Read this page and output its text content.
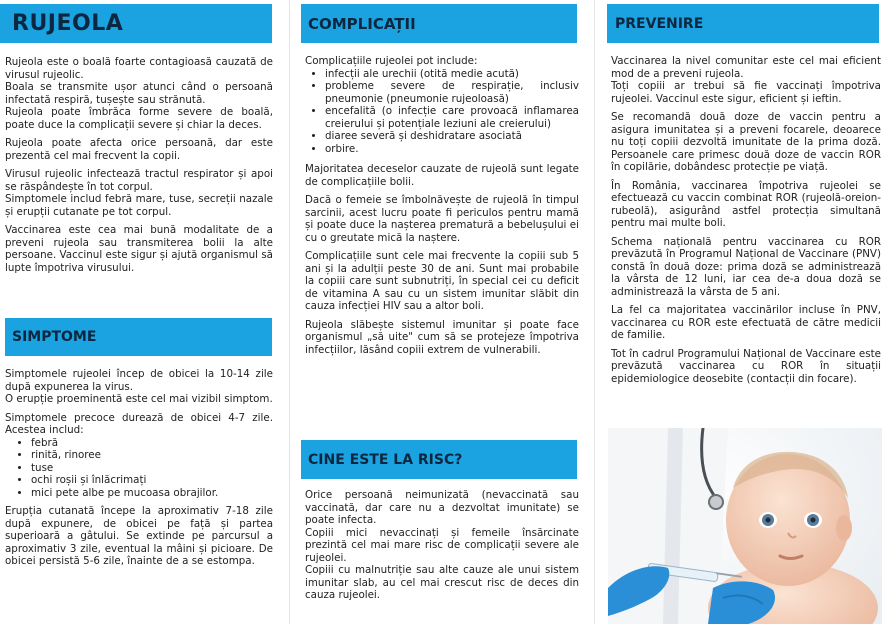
RUJEOLA

Rujeola este o boală foarte contagioasă cauzată de virusul rujeolic.

Boala se transmite ușor atunci când o persoană infectată respiră, tușește sau strănută.

Rujeola poate îmbrăca forme severe de boală, poate duce la complicații severe și chiar la deces.

Rujeola poate afecta orice persoană, dar este prezentă cel mai frecvent la copii.

Virusul rujeolic infectează tractul respirator și apoi se răspândește în tot corpul.

Simptomele includ febră mare, tuse, secreții nazale și erupții cutanate pe tot corpul.

Vaccinarea este cea mai bună modalitate de a preveni rujeola sau transmiterea bolii la alte persoane. Vaccinul este sigur și ajută organismul să lupte împotriva virusului.

SIMPTOME

Simptomele rujeolei încep de obicei la 10-14 zile după expunerea la virus.

O erupție proeminentă este cel mai vizibil simptom.

Simptomele precoce durează de obicei 4-7 zile. Acestea includ:

• febră
• rinită, rinoree
• tuse
• ochi roșii și înlăcrimați
• mici pete albe pe mucoasa obrajilor.

Erupția cutanată începe la aproximativ 7-18 zile după expunere, de obicei pe față și partea superioară a gâtului. Se extinde pe parcursul a aproximativ 3 zile, eventual la mâini și picioare. De obicei persistă 5-6 zile, înainte de a se estompa.

COMPLICAȚII

Complicațiile rujeolei pot include:

• infecții ale urechii (otită medie acută)
• probleme severe de respirație, inclusiv pneumonie (pneumonie rujeoloasă)
• encefalită (o infecție care provoacă inflamarea creierului și potențiale leziuni ale creierului)
• diaree severă și deshidratare asociată
• orbire.

Majoritatea deceselor cauzate de rujeolă sunt legate de complicațiile bolii.

Dacă o femeie se îmbolnăvește de rujeolă în timpul sarcinii, acest lucru poate fi periculos pentru mamă și poate duce la nașterea prematură a bebelușului ei cu o greutate mică la naștere.

Complicațiile sunt cele mai frecvente la copiii sub 5 ani și la adulții peste 30 de ani. Sunt mai probabile la copiii care sunt subnutriți, în special cei cu deficit de vitamina A sau cu un sistem imunitar slăbit din cauza infecției HIV sau a altor boli.

Rujeola slăbește sistemul imunitar și poate face organismul „să uite" cum să se protejeze împotriva infecțiilor, lăsând copiii extrem de vulnerabili.

CINE ESTE LA RISC?

Orice persoană neimunizată (nevaccinată sau vaccinată, dar care nu a dezvoltat imunitate) se poate infecta.

Copiii mici nevaccinați și femeile însărcinate prezintă cel mai mare risc de complicații severe ale rujeolei.

Copiii cu malnutriție sau alte cauze ale unui sistem imunitar slab, au cel mai crescut risc de deces din cauza rujeolei.

PREVENIRE

Vaccinarea la nivel comunitar este cel mai eficient mod de a preveni rujeola.

Toți copiii ar trebui să fie vaccinați împotriva rujeolei. Vaccinul este sigur, eficient și ieftin.

Se recomandă două doze de vaccin pentru a asigura imunitatea și a preveni focarele, deoarece nu toți copiii dezvoltă imunitate de la prima doză. Persoanele care primesc două doze de vaccin ROR în copilărie, dobândesc protecție pe viață.

În România, vaccinarea împotriva rujeolei se efectuează cu vaccin combinat ROR (rujeolă-oreion-rubeolă), asigurând astfel protecția simultană pentru mai multe boli.

Schema națională pentru vaccinarea cu ROR prevăzută în Programul Național de Vaccinare (PNV) constă în două doze: prima doză se administrează la vârsta de 12 luni, iar cea de-a doua doză se administrează la vârsta de 5 ani.

La fel ca majoritatea vaccinărilor incluse în PNV, vaccinarea cu ROR este efectuată de către medicii de familie.

Tot în cadrul Programului Național de Vaccinare este prevăzută vaccinarea cu ROR în situații epidemiologice deosebite (contacții din focare).
